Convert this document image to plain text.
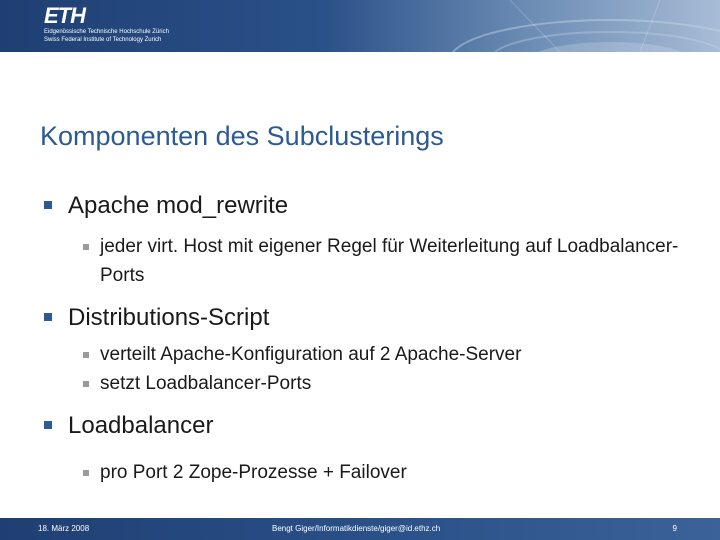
ETH
Eidgenössische Technische Hochschule Zürich
Swiss Federal Institute of Technology Zurich
Komponenten des Subclusterings
Apache mod_rewrite
jeder virt. Host mit eigener Regel für Weiterleitung auf Loadbalancer-Ports
Distributions-Script
verteilt Apache-Konfiguration auf 2 Apache-Server
setzt Loadbalancer-Ports
Loadbalancer
pro Port 2 Zope-Prozesse + Failover
18. März 2008	Bengt Giger/Informatikdienste/giger@id.ethz.ch	9
